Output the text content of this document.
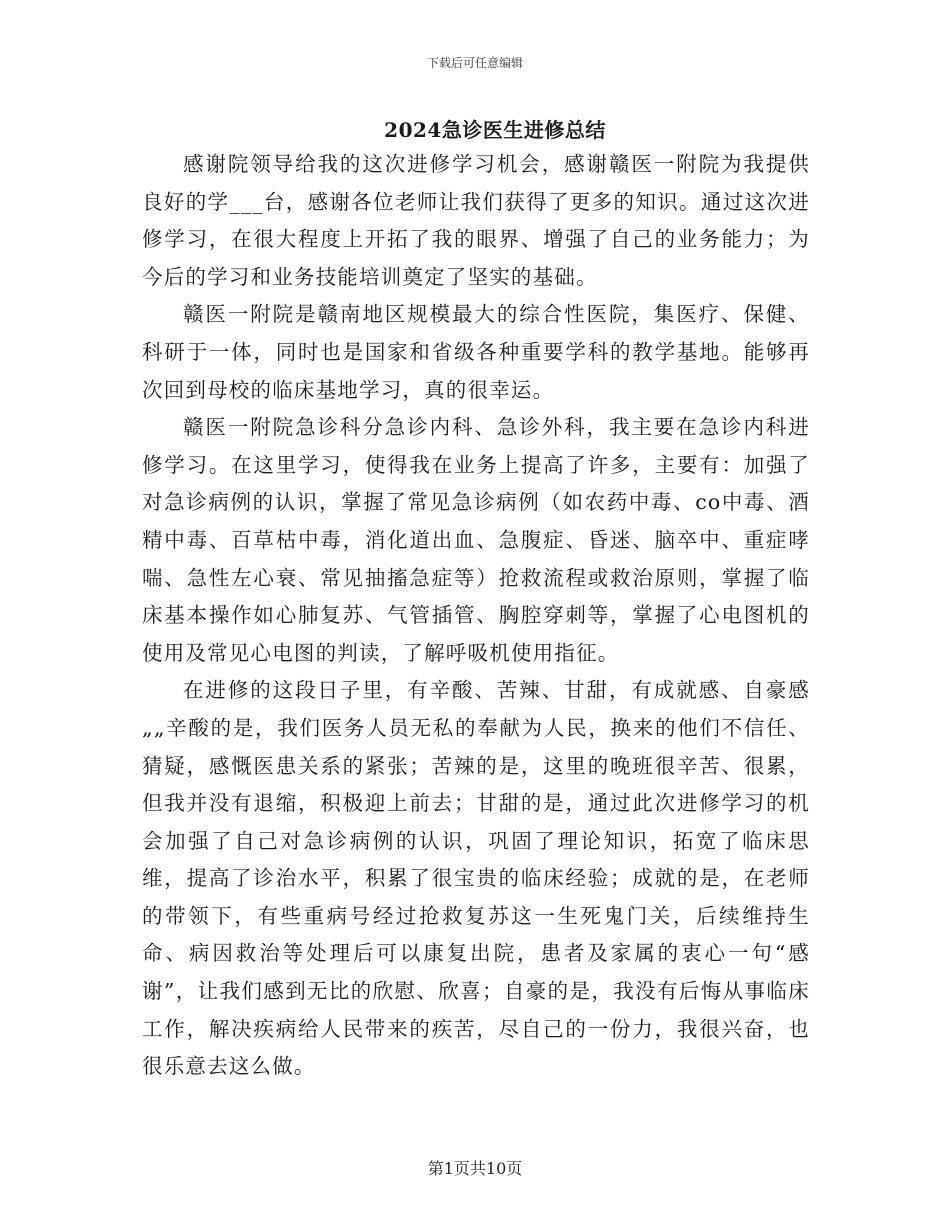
下载后可任意编辑
2024急诊医生进修总结

感谢院领导给我的这次进修学习机会，感谢赣医一附院为我提供良好的学___台，感谢各位老师让我们获得了更多的知识。通过这次进修学习，在很大程度上开拓了我的眼界、增强了自己的业务能力；为今后的学习和业务技能培训奠定了坚实的基础。

赣医一附院是赣南地区规模最大的综合性医院，集医疗、保健、科研于一体，同时也是国家和省级各种重要学科的教学基地。能够再次回到母校的临床基地学习，真的很幸运。

赣医一附院急诊科分急诊内科、急诊外科，我主要在急诊内科进修学习。在这里学习，使得我在业务上提高了许多，主要有：加强了对急诊病例的认识，掌握了常见急诊病例（如农药中毒、co中毒、酒精中毒、百草枯中毒，消化道出血、急腹症、昏迷、脑卒中、重症哮喘、急性左心衰、常见抽搐急症等）抢救流程或救治原则，掌握了临床基本操作如心肺复苏、气管插管、胸腔穿刺等，掌握了心电图机的使用及常见心电图的判读，了解呼吸机使用指征。

在进修的这段日子里，有辛酸、苦辣、甘甜，有成就感、自豪感„„辛酸的是，我们医务人员无私的奉献为人民，换来的他们不信任、猜疑，感慨医患关系的紧张；苦辣的是，这里的晚班很辛苦、很累，但我并没有退缩，积极迎上前去；甘甜的是，通过此次进修学习的机会加强了自己对急诊病例的认识，巩固了理论知识，拓宽了临床思维，提高了诊治水平，积累了很宝贵的临床经验；成就的是，在老师的带领下，有些重病号经过抢救复苏这一生死鬼门关，后续维持生命、病因救治等处理后可以康复出院，患者及家属的衷心一句“感谢”，让我们感到无比的欣慰、欣喜；自豪的是，我没有后悔从事临床工作，解决疾病给人民带来的疾苦，尽自己的一份力，我很兴奋，也很乐意去这么做。

第1页共10页
